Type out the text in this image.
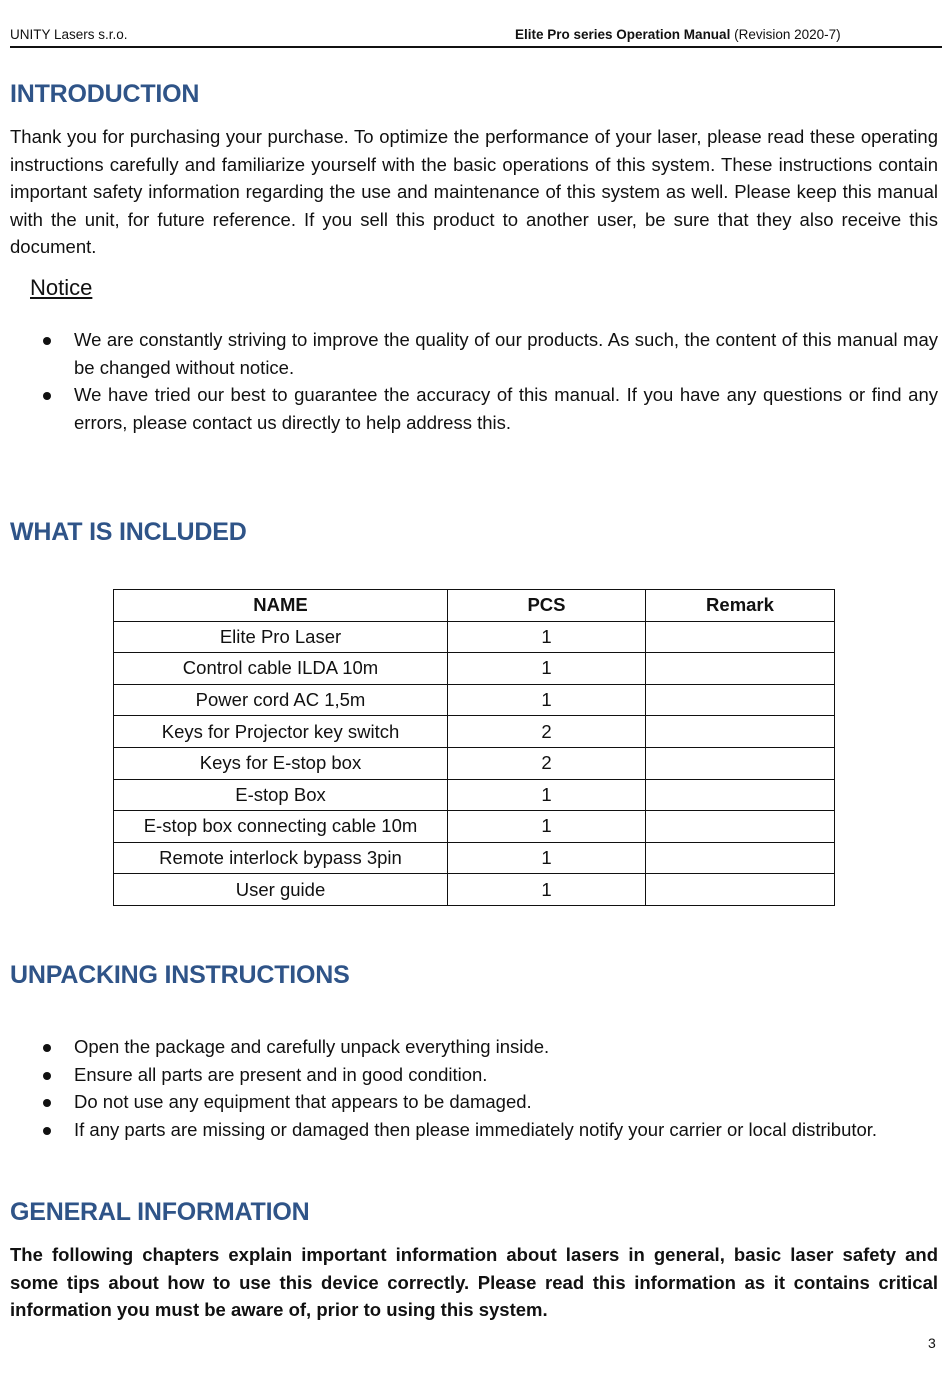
UNITY Lasers s.r.o.	Elite Pro series Operation Manual (Revision 2020-7)
INTRODUCTION

Thank you for purchasing your purchase. To optimize the performance of your laser, please read these operating instructions carefully and familiarize yourself with the basic operations of this system. These instructions contain important safety information regarding the use and maintenance of this system as well. Please keep this manual with the unit, for future reference. If you sell this product to another user, be sure that they also receive this document.

Notice
We are constantly striving to improve the quality of our products. As such, the content of this manual may be changed without notice.
We have tried our best to guarantee the accuracy of this manual. If you have any questions or find any errors, please contact us directly to help address this.
WHAT IS INCLUDED
NAME	PCS	Remark
Elite Pro Laser	1	
Control cable ILDA 10m	1	
Power cord AC 1,5m	1	
Keys for Projector key switch	2	
Keys for E-stop box	2	
E-stop Box	1	
E-stop box connecting cable 10m	1	
Remote interlock bypass 3pin	1	
User guide	1	
UNPACKING INSTRUCTIONS
Open the package and carefully unpack everything inside.
Ensure all parts are present and in good condition.
Do not use any equipment that appears to be damaged.
If any parts are missing or damaged then please immediately notify your carrier or local distributor.
GENERAL INFORMATION

The following chapters explain important information about lasers in general, basic laser safety and some tips about how to use this device correctly. Please read this information as it contains critical information you must be aware of, prior to using this system.

3
